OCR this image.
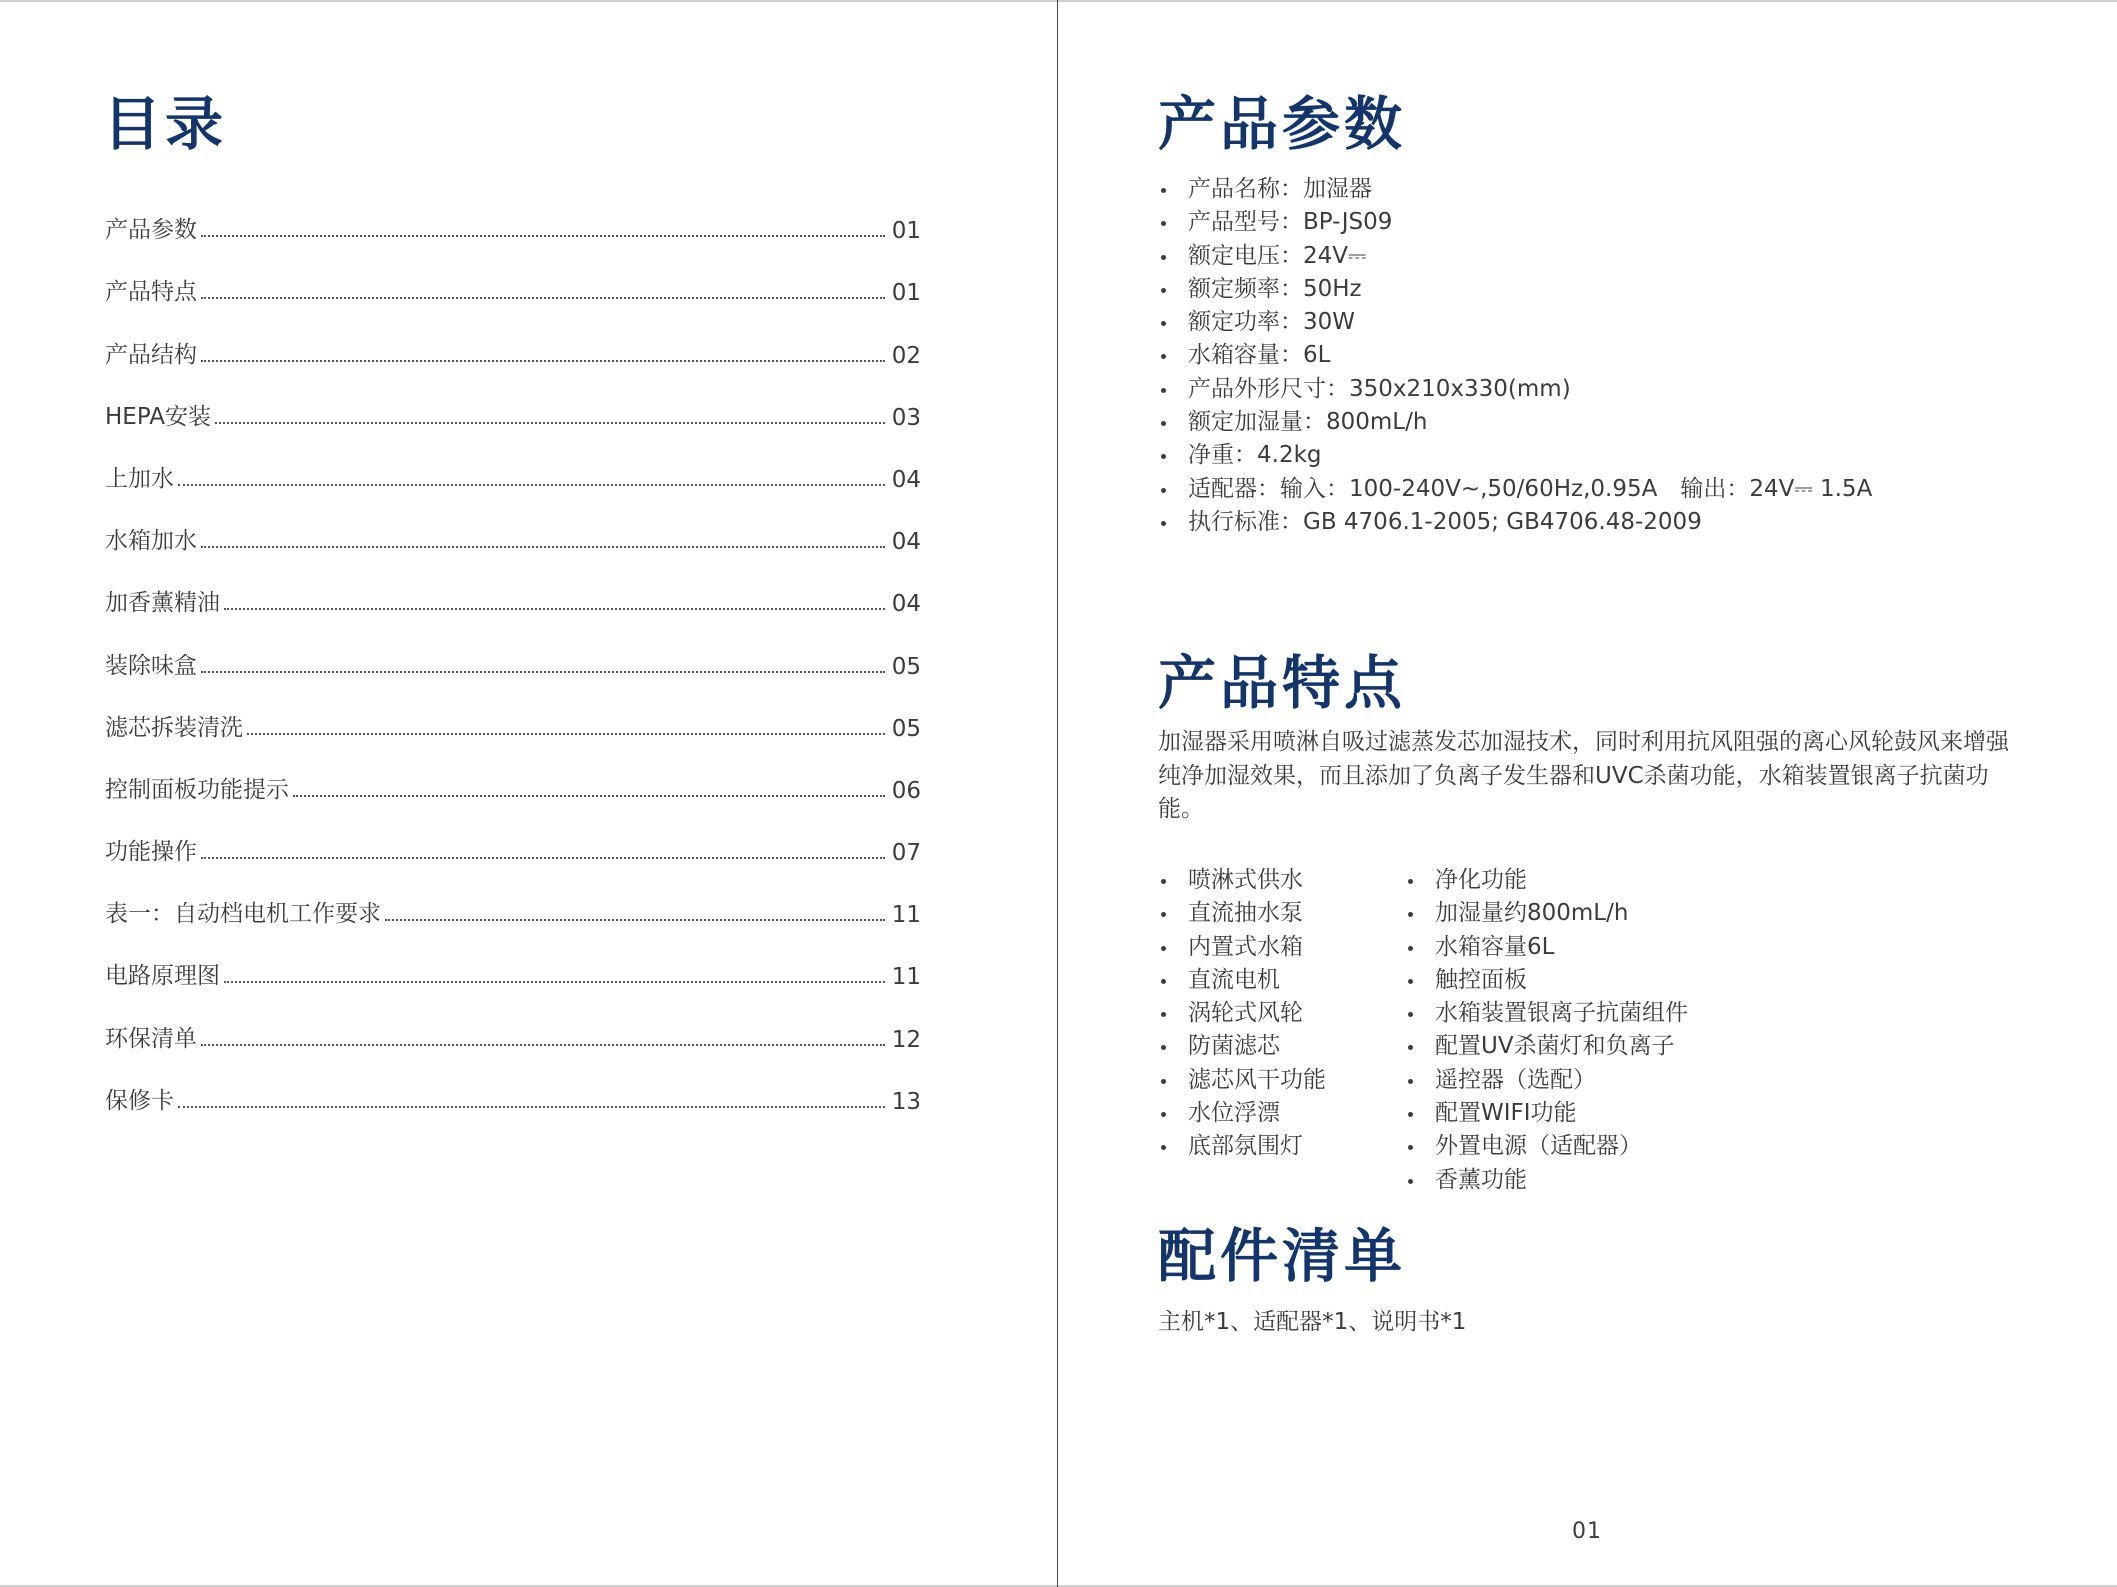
目录
产品参数	01
产品特点	01
产品结构	02
HEPA安装	03
上加水	04
水箱加水	04
加香薰精油	04
装除味盒	05
滤芯拆装清洗	05
控制面板功能提示	06
功能操作	07
表一：自动档电机工作要求	11
电路原理图	11
环保清单	12
保修卡	13
产品参数
产品名称：加湿器
产品型号：BP-JS09
额定电压：24V⎓
额定频率：50Hz
额定功率：30W
水箱容量：6L
产品外形尺寸：350x210x330(mm)
额定加湿量：800mL/h
净重：4.2kg
适配器：输入：100-240V~,50/60Hz,0.95A　输出：24V⎓ 1.5A
执行标准：GB 4706.1-2005; GB4706.48-2009
产品特点

加湿器采用喷淋自吸过滤蒸发芯加湿技术，同时利用抗风阻强的离心风轮鼓风来增强纯净加湿效果，而且添加了负离子发生器和UVC杀菌功能，水箱装置银离子抗菌功能。

喷淋式供水
直流抽水泵
内置式水箱
直流电机
涡轮式风轮
防菌滤芯
滤芯风干功能
水位浮漂
底部氛围灯
净化功能
加湿量约800mL/h
水箱容量6L
触控面板
水箱装置银离子抗菌组件
配置UV杀菌灯和负离子
遥控器（选配）
配置WIFI功能
外置电源（适配器）
香薰功能
配件清单

主机*1、适配器*1、说明书*1

01
